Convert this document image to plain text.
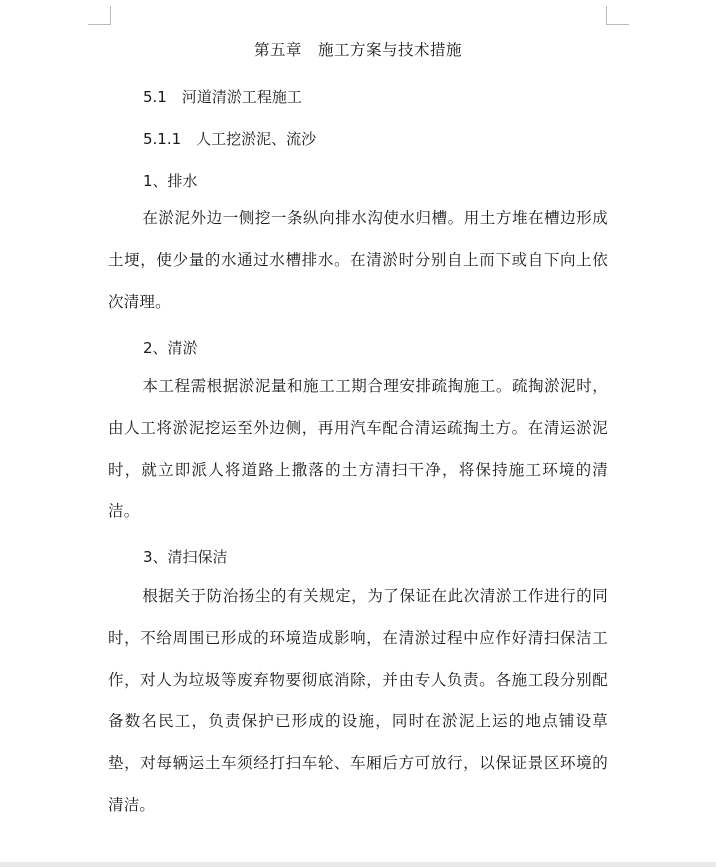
第五章　施工方案与技术措施
5.1　河道清淤工程施工
5.1.1　人工挖淤泥、流沙
1、排水
在淤泥外边一侧挖一条纵向排水沟使水归槽。用土方堆在槽边形成土埂，使少量的水通过水槽排水。在清淤时分别自上而下或自下向上依次清理。
2、清淤
本工程需根据淤泥量和施工工期合理安排疏掏施工。疏掏淤泥时，由人工将淤泥挖运至外边侧，再用汽车配合清运疏掏土方。在清运淤泥时，就立即派人将道路上撒落的土方清扫干净，将保持施工环境的清洁。
3、清扫保洁
根据关于防治扬尘的有关规定，为了保证在此次清淤工作进行的同时，不给周围已形成的环境造成影响，在清淤过程中应作好清扫保洁工作，对人为垃圾等废弃物要彻底消除，并由专人负责。各施工段分别配备数名民工，负责保护已形成的设施，同时在淤泥上运的地点铺设草垫，对每辆运土车须经打扫车轮、车厢后方可放行，以保证景区环境的清洁。
